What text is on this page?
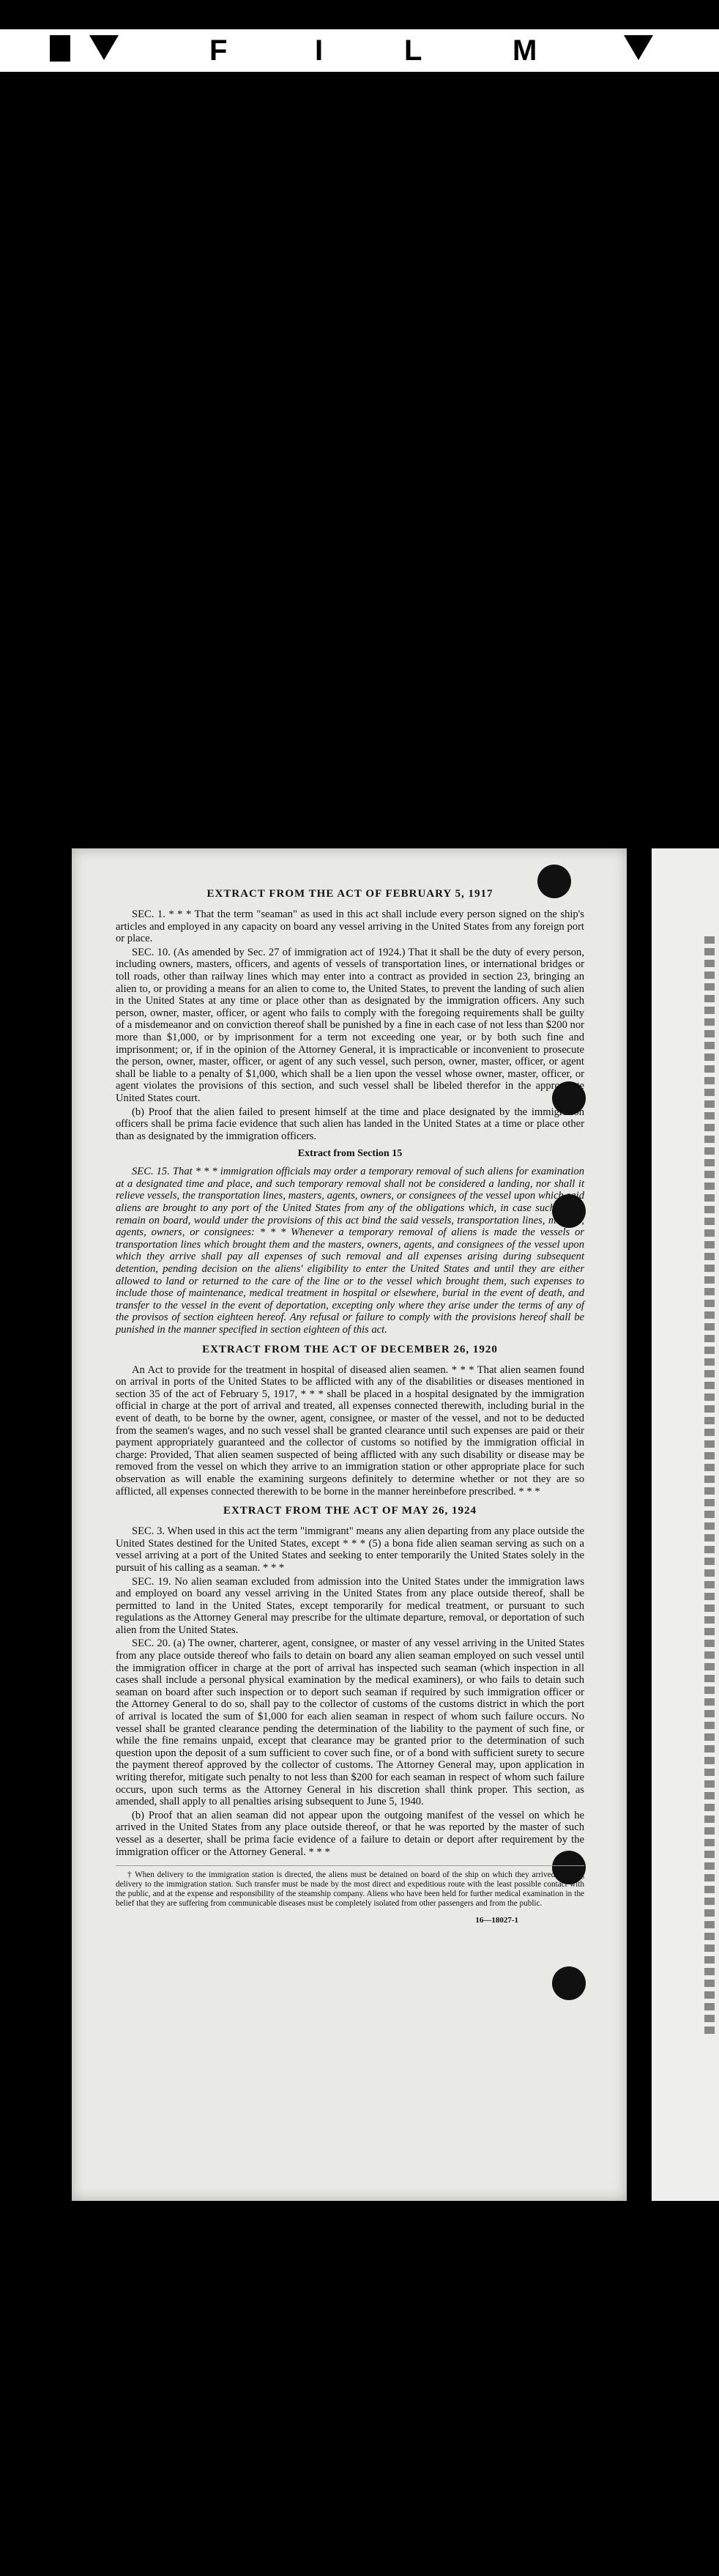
F	I	L	M
EXTRACT FROM THE ACT OF FEBRUARY 5, 1917

SEC. 1. * * * That the term "seaman" as used in this act shall include every person signed on the ship's articles and employed in any capacity on board any vessel arriving in the United States from any foreign port or place.

SEC. 10. (As amended by Sec. 27 of immigration act of 1924.) That it shall be the duty of every person, including owners, masters, officers, and agents of vessels of transportation lines, or international bridges or toll roads, other than railway lines which may enter into a contract as provided in section 23, bringing an alien to, or providing a means for an alien to come to, the United States, to prevent the landing of such alien in the United States at any time or place other than as designated by the immigration officers. Any such person, owner, master, officer, or agent who fails to comply with the foregoing requirements shall be guilty of a misdemeanor and on conviction thereof shall be punished by a fine in each case of not less than $200 nor more than $1,000, or by imprisonment for a term not exceeding one year, or by both such fine and imprisonment; or, if in the opinion of the Attorney General, it is impracticable or inconvenient to prosecute the person, owner, master, officer, or agent of any such vessel, such person, owner, master, officer, or agent shall be liable to a penalty of $1,000, which shall be a lien upon the vessel whose owner, master, officer, or agent violates the provisions of this section, and such vessel shall be libeled therefor in the appropriate United States court.

(b) Proof that the alien failed to present himself at the time and place designated by the immigration officers shall be prima facie evidence that such alien has landed in the United States at a time or place other than as designated by the immigration officers.

Extract from Section 15

SEC. 15. That * * * immigration officials may order a temporary removal of such aliens for examination at a designated time and place, and such temporary removal shall not be considered a landing, nor shall it relieve vessels, the transportation lines, masters, agents, owners, or consignees of the vessel upon which said aliens are brought to any port of the United States from any of the obligations which, in case such aliens remain on board, would under the provisions of this act bind the said vessels, transportation lines, masters, agents, owners, or consignees: * * * Whenever a temporary removal of aliens is made the vessels or transportation lines which brought them and the masters, owners, agents, and consignees of the vessel upon which they arrive shall pay all expenses of such removal and all expenses arising during subsequent detention, pending decision on the aliens' eligibility to enter the United States and until they are either allowed to land or returned to the care of the line or to the vessel which brought them, such expenses to include those of maintenance, medical treatment in hospital or elsewhere, burial in the event of death, and transfer to the vessel in the event of deportation, excepting only where they arise under the terms of any of the provisos of section eighteen hereof. Any refusal or failure to comply with the provisions hereof shall be punished in the manner specified in section eighteen of this act.

EXTRACT FROM THE ACT OF DECEMBER 26, 1920

An Act to provide for the treatment in hospital of diseased alien seamen. * * * That alien seamen found on arrival in ports of the United States to be afflicted with any of the disabilities or diseases mentioned in section 35 of the act of February 5, 1917, * * * shall be placed in a hospital designated by the immigration official in charge at the port of arrival and treated, all expenses connected therewith, including burial in the event of death, to be borne by the owner, agent, consignee, or master of the vessel, and not to be deducted from the seamen's wages, and no such vessel shall be granted clearance until such expenses are paid or their payment appropriately guaranteed and the collector of customs so notified by the immigration official in charge: Provided, That alien seamen suspected of being afflicted with any such disability or disease may be removed from the vessel on which they arrive to an immigration station or other appropriate place for such observation as will enable the examining surgeons definitely to determine whether or not they are so afflicted, all expenses connected therewith to be borne in the manner hereinbefore prescribed. * * *

EXTRACT FROM THE ACT OF MAY 26, 1924

SEC. 3. When used in this act the term "immigrant" means any alien departing from any place outside the United States destined for the United States, except * * * (5) a bona fide alien seaman serving as such on a vessel arriving at a port of the United States and seeking to enter temporarily the United States solely in the pursuit of his calling as a seaman. * * *

SEC. 19. No alien seaman excluded from admission into the United States under the immigration laws and employed on board any vessel arriving in the United States from any place outside thereof, shall be permitted to land in the United States, except temporarily for medical treatment, or pursuant to such regulations as the Attorney General may prescribe for the ultimate departure, removal, or deportation of such alien from the United States.

SEC. 20. (a) The owner, charterer, agent, consignee, or master of any vessel arriving in the United States from any place outside thereof who fails to detain on board any alien seaman employed on such vessel until the immigration officer in charge at the port of arrival has inspected such seaman (which inspection in all cases shall include a personal physical examination by the medical examiners), or who fails to detain such seaman on board after such inspection or to deport such seaman if required by such immigration officer or the Attorney General to do so, shall pay to the collector of customs of the customs district in which the port of arrival is located the sum of $1,000 for each alien seaman in respect of whom such failure occurs. No vessel shall be granted clearance pending the determination of the liability to the payment of such fine, or while the fine remains unpaid, except that clearance may be granted prior to the determination of such question upon the deposit of a sum sufficient to cover such fine, or of a bond with sufficient surety to secure the payment thereof approved by the collector of customs. The Attorney General may, upon application in writing therefor, mitigate such penalty to not less than $200 for each seaman in respect of whom such failure occurs, upon such terms as the Attorney General in his discretion shall think proper. This section, as amended, shall apply to all penalties arising subsequent to June 5, 1940.

(b) Proof that an alien seaman did not appear upon the outgoing manifest of the vessel on which he arrived in the United States from any place outside thereof, or that he was reported by the master of such vessel as a deserter, shall be prima facie evidence of a failure to detain or deport after requirement by the immigration officer or the Attorney General. * * *

† When delivery to the immigration station is directed, the aliens must be detained on board of the ship on which they arrived pending delivery to the immigration station. Such transfer must be made by the most direct and expeditious route with the least possible contact with the public, and at the expense and responsibility of the steamship company. Aliens who have been held for further medical examination in the belief that they are suffering from communicable diseases must be completely isolated from other passengers and from the public.
16—18027-1
